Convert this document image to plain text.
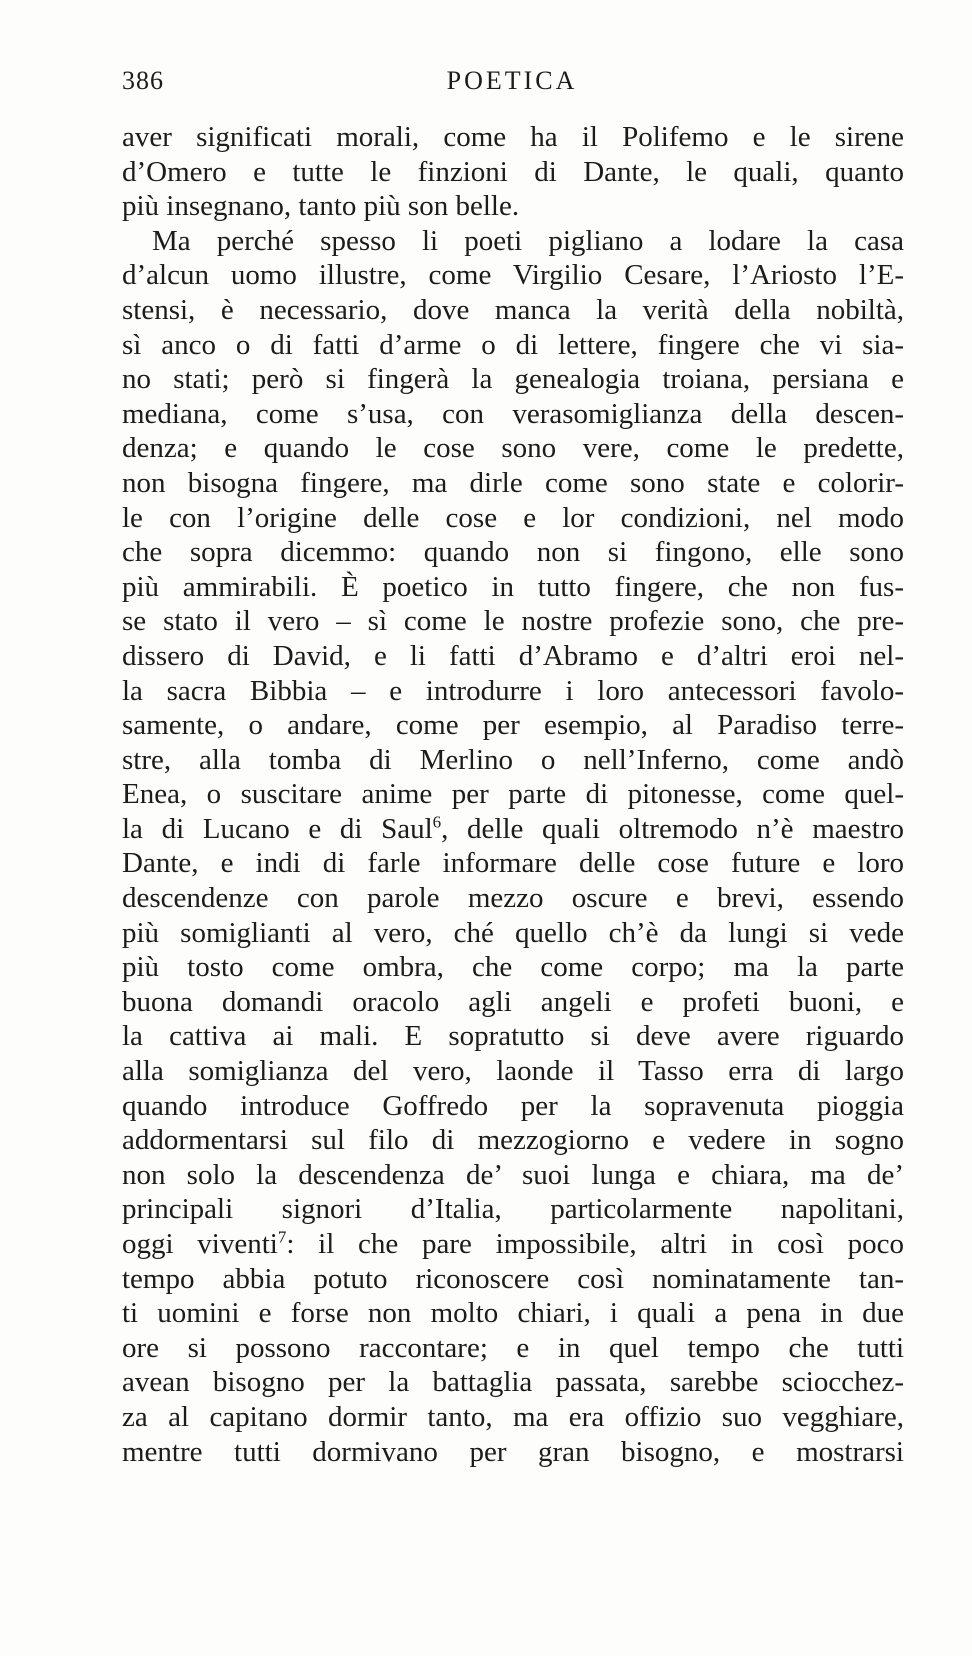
386	POETICA
aver significati morali, come ha il Polifemo e le sirene
d’Omero e tutte le finzioni di Dante, le quali, quanto
più insegnano, tanto più son belle.
Ma perché spesso li poeti pigliano a lodare la casa
d’alcun uomo illustre, come Virgilio Cesare, l’Ariosto l’E-
stensi, è necessario, dove manca la verità della nobiltà,
sì anco o di fatti d’arme o di lettere, fingere che vi sia-
no stati; però si fingerà la genealogia troiana, persiana e
mediana, come s’usa, con verasomiglianza della descen-
denza; e quando le cose sono vere, come le predette,
non bisogna fingere, ma dirle come sono state e colorir-
le con l’origine delle cose e lor condizioni, nel modo
che sopra dicemmo: quando non si fingono, elle sono
più ammirabili. È poetico in tutto fingere, che non fus-
se stato il vero – sì come le nostre profezie sono, che pre-
dissero di David, e li fatti d’Abramo e d’altri eroi nel-
la sacra Bibbia – e introdurre i loro antecessori favolo-
samente, o andare, come per esempio, al Paradiso terre-
stre, alla tomba di Merlino o nell’Inferno, come andò
Enea, o suscitare anime per parte di pitonesse, come quel-
la di Lucano e di Saul$^6$, delle quali oltremodo n’è maestro
Dante, e indi di farle informare delle cose future e loro
descendenze con parole mezzo oscure e brevi, essendo
più somiglianti al vero, ché quello ch’è da lungi si vede
più tosto come ombra, che come corpo; ma la parte
buona domandi oracolo agli angeli e profeti buoni, e
la cattiva ai mali. E sopratutto si deve avere riguardo
alla somiglianza del vero, laonde il Tasso erra di largo
quando introduce Goffredo per la sopravenuta pioggia
addormentarsi sul filo di mezzogiorno e vedere in sogno
non solo la descendenza de’ suoi lunga e chiara, ma de’
principali signori d’Italia, particolarmente napolitani,
oggi viventi$^7$: il che pare impossibile, altri in così poco
tempo abbia potuto riconoscere così nominatamente tan-
ti uomini e forse non molto chiari, i quali a pena in due
ore si possono raccontare; e in quel tempo che tutti
avean bisogno per la battaglia passata, sarebbe sciocchez-
za al capitano dormir tanto, ma era offizio suo vegghiare,
mentre tutti dormivano per gran bisogno, e mostrarsi
